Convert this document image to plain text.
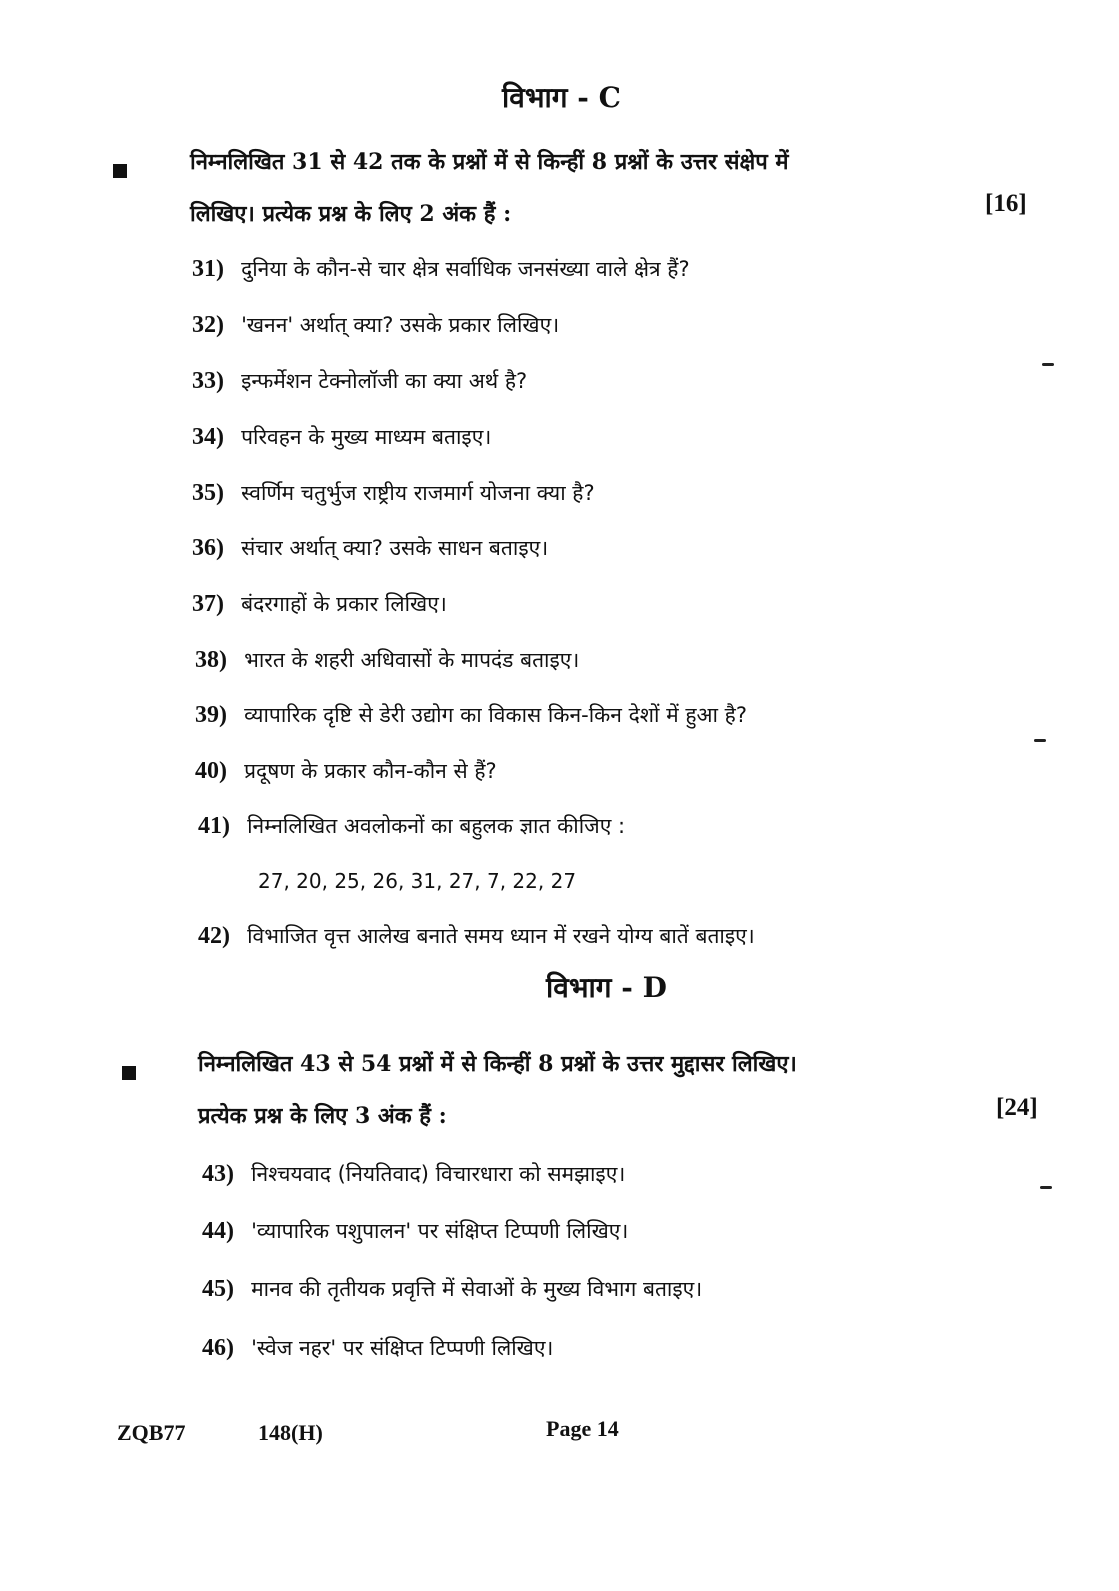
विभाग - C
निम्नलिखित 31 से 42 तक के प्रश्नों में से किन्हीं 8 प्रश्नों के उत्तर संक्षेप में
लिखिए। प्रत्येक प्रश्न के लिए 2 अंक हैं :	[16]
31) दुनिया के कौन-से चार क्षेत्र सर्वाधिक जनसंख्या वाले क्षेत्र हैं?
32) 'खनन' अर्थात् क्या? उसके प्रकार लिखिए।
33) इन्फर्मेशन टेक्नोलॉजी का क्या अर्थ है?
34) परिवहन के मुख्य माध्यम बताइए।
35) स्वर्णिम चतुर्भुज राष्ट्रीय राजमार्ग योजना क्या है?
36) संचार अर्थात् क्या? उसके साधन बताइए।
37) बंदरगाहों के प्रकार लिखिए।
38) भारत के शहरी अधिवासों के मापदंड बताइए।
39) व्यापारिक दृष्टि से डेरी उद्योग का विकास किन-किन देशों में हुआ है?
40) प्रदूषण के प्रकार कौन-कौन से हैं?
41) निम्नलिखित अवलोकनों का बहुलक ज्ञात कीजिए :
27, 20, 25, 26, 31, 27, 7, 22, 27
42) विभाजित वृत्त आलेख बनाते समय ध्यान में रखने योग्य बातें बताइए।
विभाग - D
निम्नलिखित 43 से 54 प्रश्नों में से किन्हीं 8 प्रश्नों के उत्तर मुद्दासर लिखिए।
प्रत्येक प्रश्न के लिए 3 अंक हैं :	[24]
43) निश्चयवाद (नियतिवाद) विचारधारा को समझाइए।
44) 'व्यापारिक पशुपालन' पर संक्षिप्त टिप्पणी लिखिए।
45) मानव की तृतीयक प्रवृत्ति में सेवाओं के मुख्य विभाग बताइए।
46) 'स्वेज नहर' पर संक्षिप्त टिप्पणी लिखिए।
ZQB77	148(H)	Page 14
